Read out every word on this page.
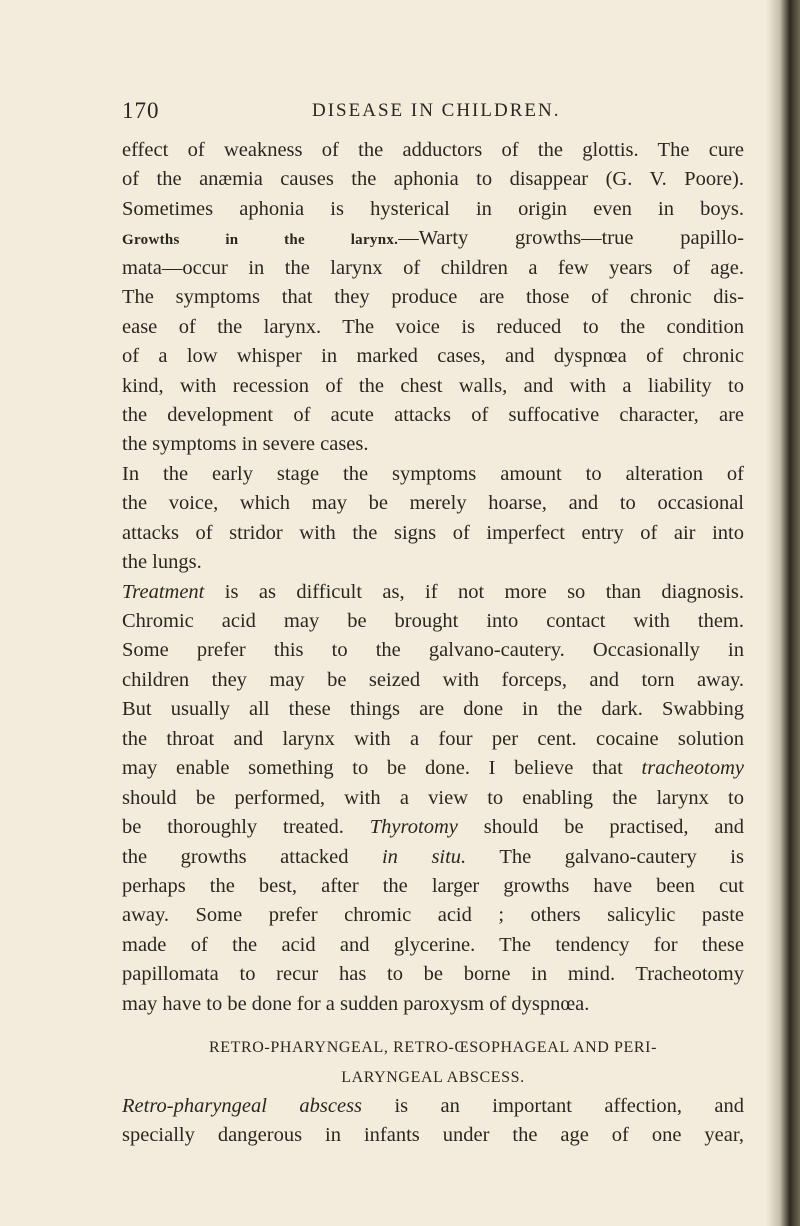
170	DISEASE IN CHILDREN.
effect of weakness of the adductors of the glottis. The cure
of the anæmia causes the aphonia to disappear (G. V. Poore).
Sometimes aphonia is hysterical in origin even in boys.
Growths in the larynx.—Warty growths—true papillo-
mata—occur in the larynx of children a few years of age.
The symptoms that they produce are those of chronic dis-
ease of the larynx. The voice is reduced to the condition
of a low whisper in marked cases, and dyspnœa of chronic
kind, with recession of the chest walls, and with a liability to
the development of acute attacks of suffocative character, are
the symptoms in severe cases.
In the early stage the symptoms amount to alteration of
the voice, which may be merely hoarse, and to occasional
attacks of stridor with the signs of imperfect entry of air into
the lungs.
Treatment is as difficult as, if not more so than diagnosis.
Chromic acid may be brought into contact with them.
Some prefer this to the galvano-cautery. Occasionally in
children they may be seized with forceps, and torn away.
But usually all these things are done in the dark. Swabbing
the throat and larynx with a four per cent. cocaine solution
may enable something to be done. I believe that tracheotomy
should be performed, with a view to enabling the larynx to
be thoroughly treated. Thyrotomy should be practised, and
the growths attacked in situ. The galvano-cautery is
perhaps the best, after the larger growths have been cut
away. Some prefer chromic acid ; others salicylic paste
made of the acid and glycerine. The tendency for these
papillomata to recur has to be borne in mind. Tracheotomy
may have to be done for a sudden paroxysm of dyspnœa.
RETRO-PHARYNGEAL, RETRO-ŒSOPHAGEAL AND PERI-
LARYNGEAL ABSCESS.
Retro-pharyngeal abscess is an important affection, and
specially dangerous in infants under the age of one year,
